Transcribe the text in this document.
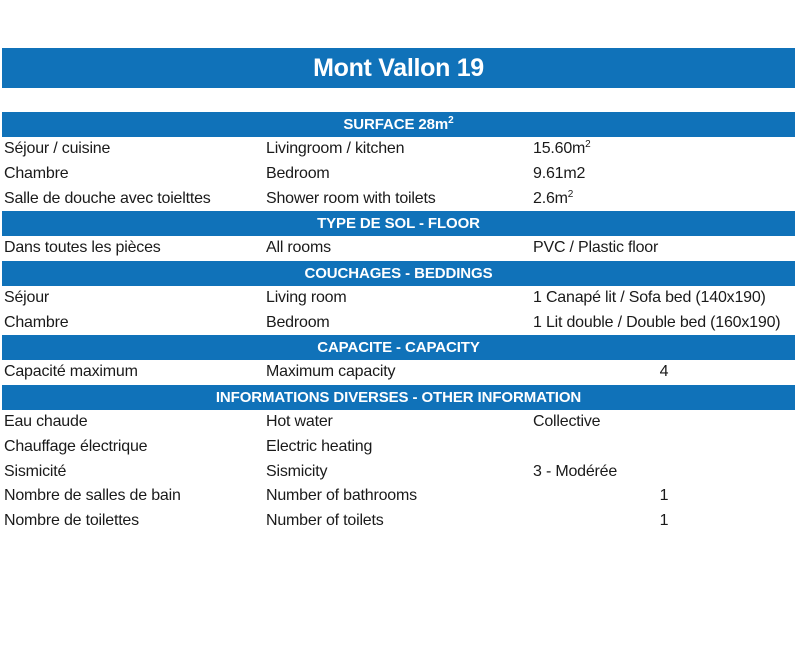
Mont Vallon 19
SURFACE $28m^2$
Séjour / cuisine	Livingroom / kitchen	$15.60m^2$
Chambre	Bedroom	9.61m2
Salle de douche avec toielttes	Shower room with toilets	$2.6m^2$
TYPE DE SOL - FLOOR
Dans toutes les pièces	All rooms	PVC / Plastic floor
COUCHAGES - BEDDINGS
Séjour	Living room	1 Canapé lit / Sofa bed (140x190)
Chambre	Bedroom	1 Lit double / Double bed (160x190)
CAPACITE - CAPACITY
Capacité maximum	Maximum capacity	4
INFORMATIONS DIVERSES - OTHER INFORMATION
Eau chaude	Hot water	Collective
Chauffage électrique	Electric heating
Sismicité	Sismicity	3 - Modérée
Nombre de salles de bain	Number of bathrooms	1
Nombre de toilettes	Number of toilets	1
